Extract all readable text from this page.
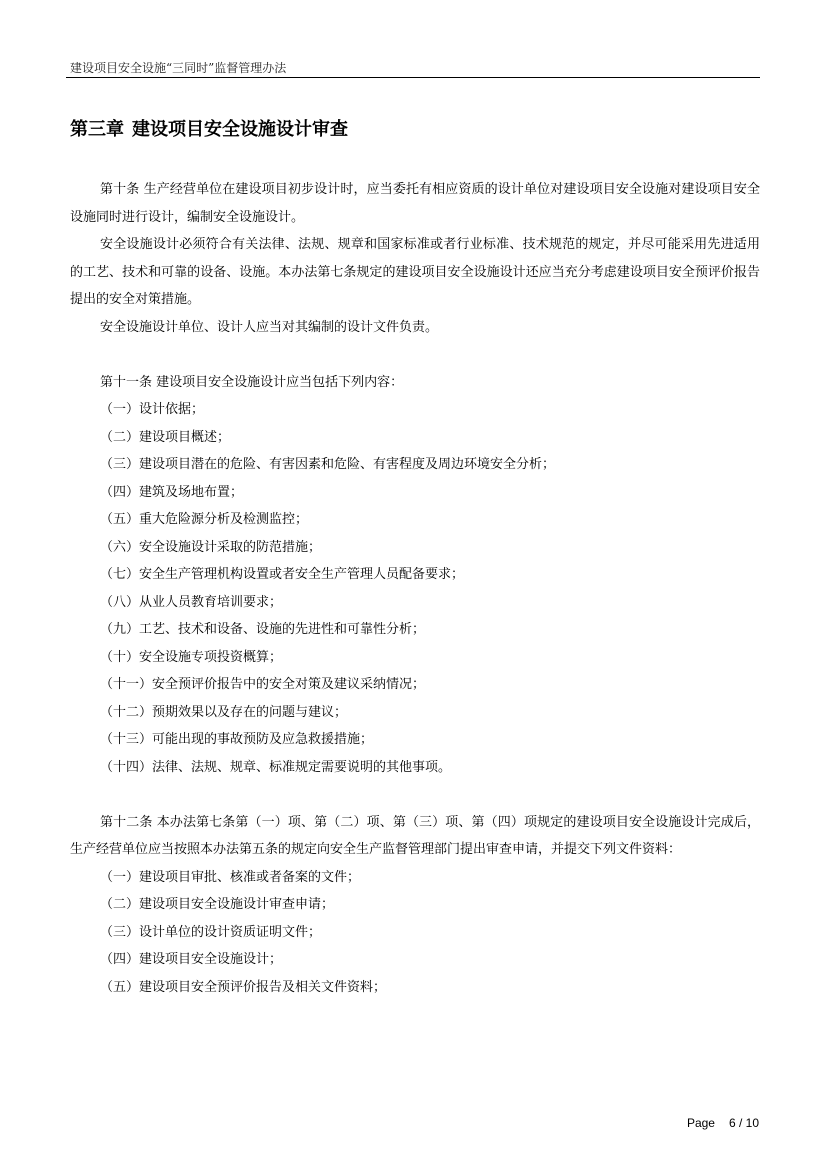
建设项目安全设施“三同时”监督管理办法
第三章 建设项目安全设施设计审查

第十条 生产经营单位在建设项目初步设计时，应当委托有相应资质的设计单位对建设项目安全设施对建设项目安全设施同时进行设计，编制安全设施设计。

安全设施设计必须符合有关法律、法规、规章和国家标准或者行业标准、技术规范的规定，并尽可能采用先进适用的工艺、技术和可靠的设备、设施。本办法第七条规定的建设项目安全设施设计还应当充分考虑建设项目安全预评价报告提出的安全对策措施。

安全设施设计单位、设计人应当对其编制的设计文件负责。

第十一条 建设项目安全设施设计应当包括下列内容：

（一）设计依据；

（二）建设项目概述；

（三）建设项目潜在的危险、有害因素和危险、有害程度及周边环境安全分析；

（四）建筑及场地布置；

（五）重大危险源分析及检测监控；

（六）安全设施设计采取的防范措施；

（七）安全生产管理机构设置或者安全生产管理人员配备要求；

（八）从业人员教育培训要求；

（九）工艺、技术和设备、设施的先进性和可靠性分析；

（十）安全设施专项投资概算；

（十一）安全预评价报告中的安全对策及建议采纳情况；

（十二）预期效果以及存在的问题与建议；

（十三）可能出现的事故预防及应急救援措施；

（十四）法律、法规、规章、标准规定需要说明的其他事项。

第十二条 本办法第七条第（一）项、第（二）项、第（三）项、第（四）项规定的建设项目安全设施设计完成后，生产经营单位应当按照本办法第五条的规定向安全生产监督管理部门提出审查申请，并提交下列文件资料：

（一）建设项目审批、核准或者备案的文件；

（二）建设项目安全设施设计审查申请；

（三）设计单位的设计资质证明文件；

（四）建设项目安全设施设计；

（五）建设项目安全预评价报告及相关文件资料；

Page 6 / 10
